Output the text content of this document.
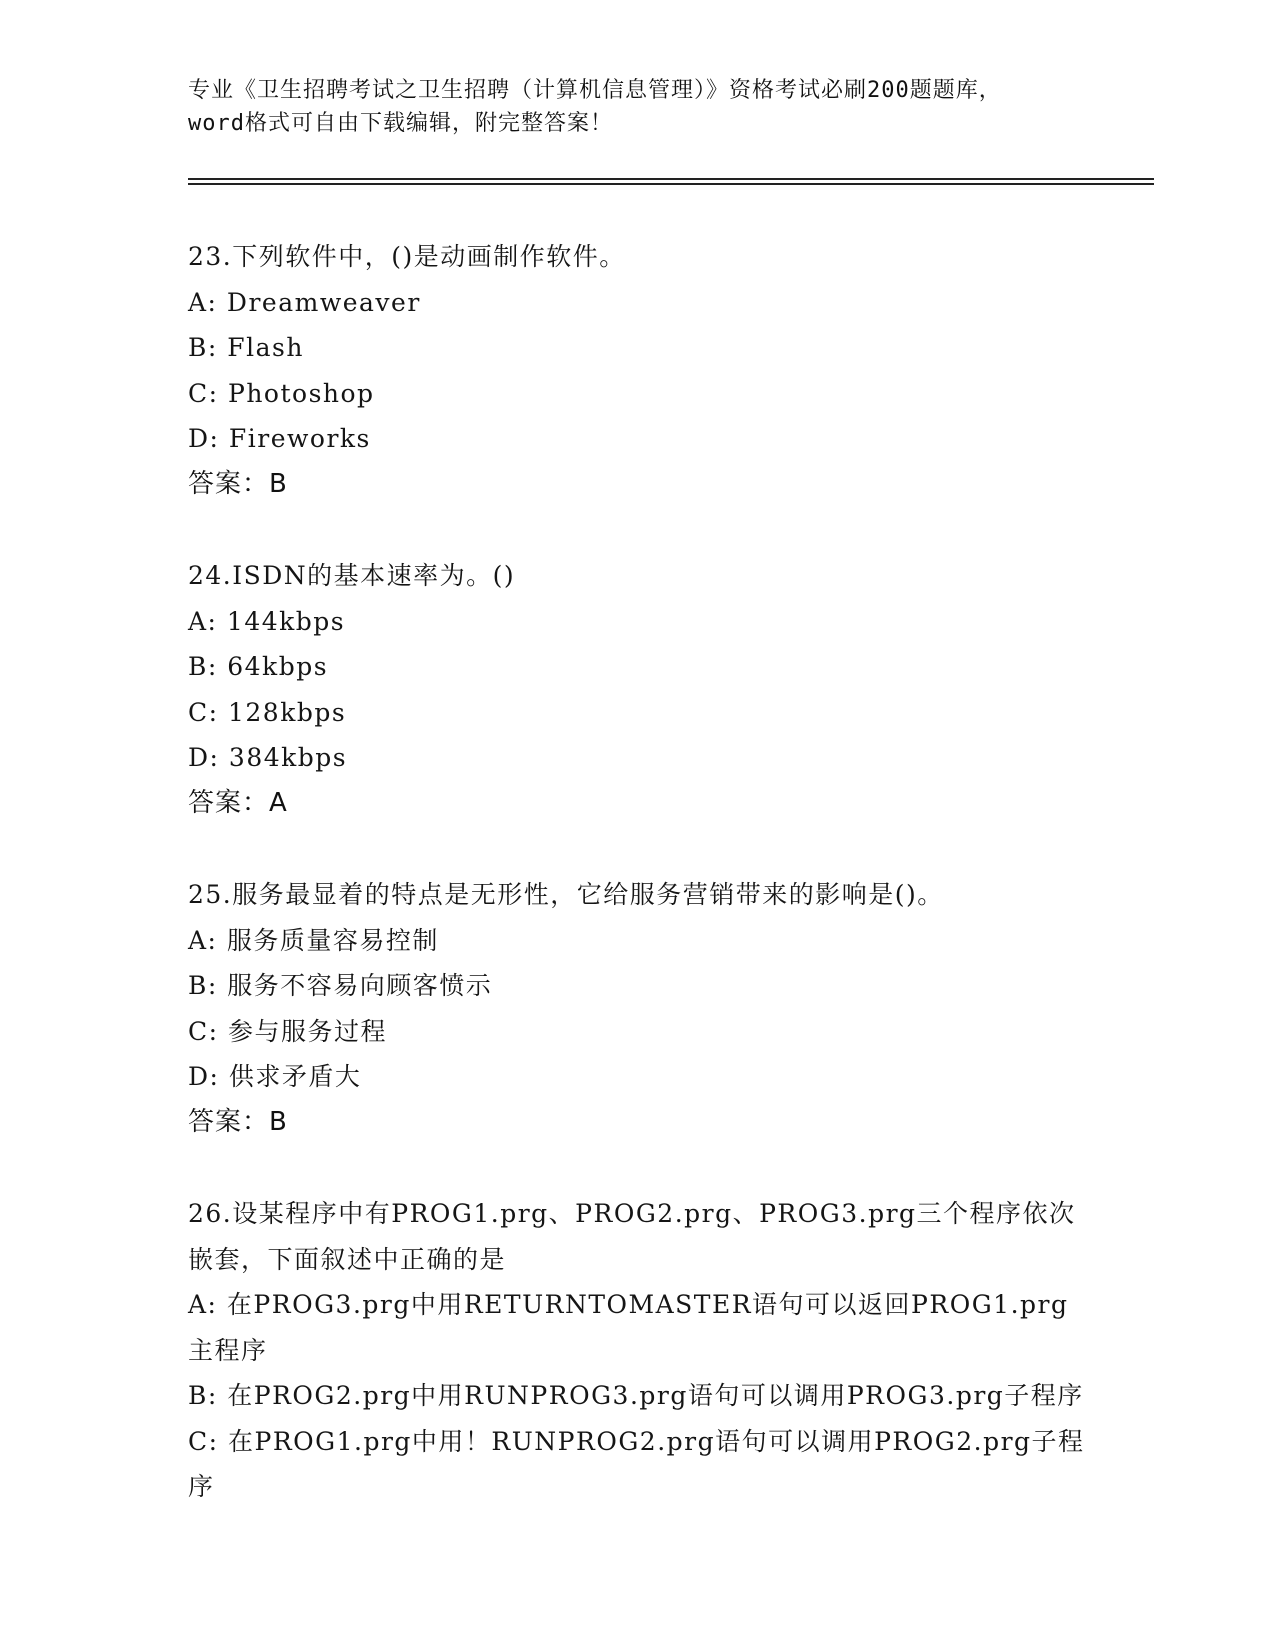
专业《卫生招聘考试之卫生招聘（计算机信息管理）》资格考试必刷200题题库，
word格式可自由下载编辑，附完整答案！
23.下列软件中，()是动画制作软件。
A: Dreamweaver
B: Flash
C: Photoshop
D: Fireworks
答案：B
24.ISDN的基本速率为。()
A: 144kbps
B: 64kbps
C: 128kbps
D: 384kbps
答案：A
25.服务最显着的特点是无形性，它给服务营销带来的影响是()。
A: 服务质量容易控制
B: 服务不容易向顾客愤示
C: 参与服务过程
D: 供求矛盾大
答案：B
26.设某程序中有PROG1.prg、PROG2.prg、PROG3.prg三个程序依次嵌套，下面叙述中正确的是
A: 在PROG3.prg中用RETURNTOMASTER语句可以返回PROG1.prg主程序
B: 在PROG2.prg中用RUNPROG3.prg语句可以调用PROG3.prg子程序
C: 在PROG1.prg中用！RUNPROG2.prg语句可以调用PROG2.prg子程序
